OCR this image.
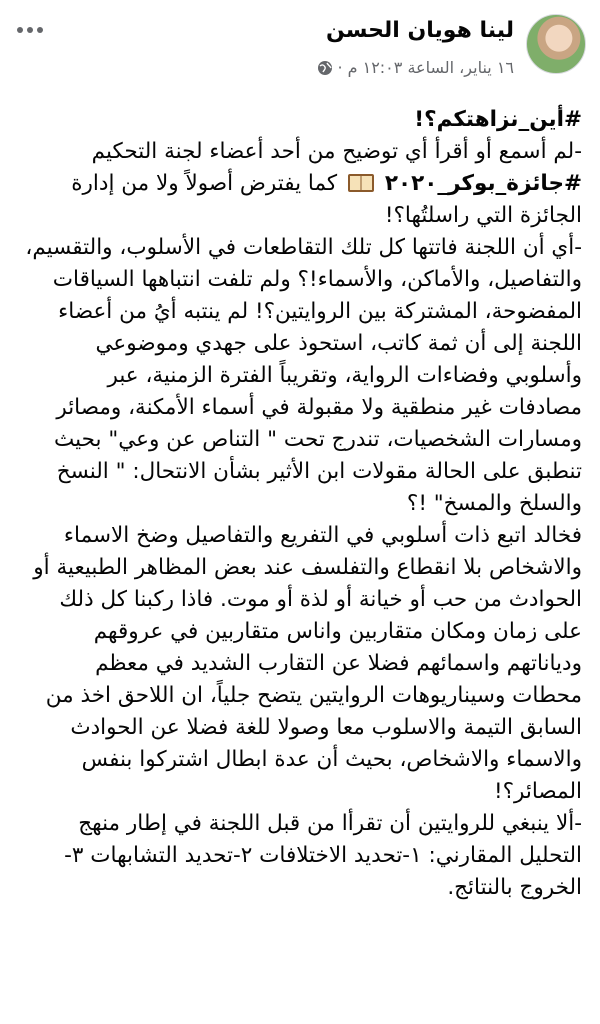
لينا هويان الحسن
١٦ يناير، الساعة ١٢:٠٣ م
·

#أين_نزاهتكم؟!

-لم أسمع أو أقرأ أي توضيح من أحد أعضاء لجنة التحكيم #جائزة_بوكر_٢٠٢٠  كما يفترض أصولاً ولا من إدارة الجائزة التي راسلتُها؟!

-أي أن اللجنة فاتتها كل تلك التقاطعات في الأسلوب، والتقسيم، والتفاصيل، والأماكن، والأسماء!؟ ولم تلفت انتباهها السياقات المفضوحة، المشتركة بين الروايتين؟! لم ينتبه أيُ من أعضاء اللجنة إلى أن ثمة كاتب، استحوذ على جهدي وموضوعي وأسلوبي وفضاءات الرواية، وتقريباً الفترة الزمنية، عبر مصادفات غير منطقية ولا مقبولة في أسماء الأمكنة، ومصائر ومسارات الشخصيات، تندرج تحت " التناص عن وعي" بحيث تنطبق على الحالة مقولات ابن الأثير بشأن الانتحال: " النسخ والسلخ والمسخ" !؟

فخالد اتبع ذات أسلوبي في التفريع والتفاصيل وضخ الاسماء والاشخاص بلا انقطاع والتفلسف عند بعض المظاهر الطبيعية أو الحوادث من حب أو خيانة أو لذة أو موت. فاذا ركبنا كل ذلك على زمان ومكان متقاربين واناس متقاربين في عروقهم ودياناتهم واسمائهم فضلا عن التقارب الشديد في معظم محطات وسيناريوهات الروايتين يتضح جلياً، ان اللاحق اخذ من السابق التيمة والاسلوب معا وصولا للغة فضلا عن الحوادث والاسماء والاشخاص، بحيث أن عدة ابطال اشتركوا بنفس المصائر؟!

-ألا ينبغي للروايتين أن تقرأا من قبل اللجنة في إطار منهج التحليل المقارني: ١-تحديد الاختلافات ٢-تحديد التشابهات ٣-الخروج بالنتائج.
